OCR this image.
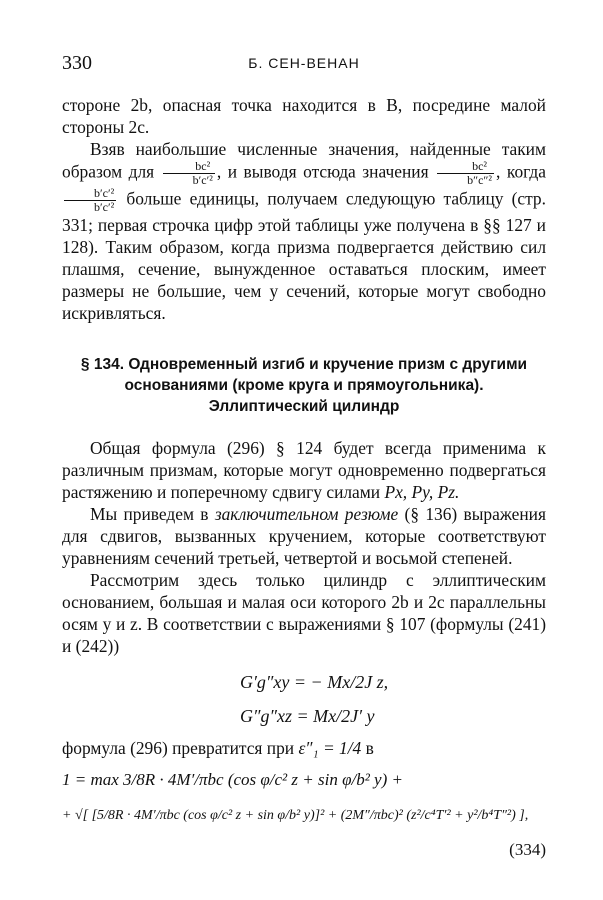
330	Б. СЕН-ВЕНАН

стороне 2b, опасная точка находится в B, посредине малой стороны 2c.

Взяв наибольшие численные значения, найденные таким образом для $\frac{\text{bc²}}{\text{b′c′²}}$ , и выводя отсюда значения $\frac{\text{bc²}}{\text{b″c″²}}$ , когда
$\frac{\text{b′c′²}}{\text{b′c′²}}$ больше единицы, получаем следующую таблицу (стр. 331; первая строчка цифр этой таблицы уже получена в §§ 127 и 128). Таким образом, когда призма подвергается действию сил плашмя, сечение, вынужденное оставаться плоским, имеет размеры не большие, чем у сечений, которые могут свободно искривляться.

§ 134. Одновременный изгиб и кручение призм с другими основаниями (кроме круга и прямоугольника). Эллиптический цилиндр

Общая формула (296) § 124 будет всегда применима к различным призмам, которые могут одновременно подвергаться растяжению и поперечному сдвигу силами Px, Py, Pz.

Мы приведем в заключительном резюме (§ 136) выражения для сдвигов, вызванных кручением, которые соответствуют уравнениям сечений третьей, четвертой и восьмой степеней.

Рассмотрим здесь только цилиндр с эллиптическим основанием, большая и малая оси которого 2b и 2c параллельны осям y и z. В соответствии с выражениями § 107 (формулы (241) и (242))

G′g″xy = − Mx/2J z,
G″g″xz = Mx/2J′ y

формула (296) превратится при ε″₁ = 1/4 в

1 = max 3/8R · 4M′/πbc (cos φ/c² z + sin φ/b² y) +
+ √[ [5/8R · 4M′/πbc (cos φ/c² z + sin φ/b² y)]² + (2M″/πbc)² (z²/c⁴T′² + y²/b⁴T″²) ],
(334)
